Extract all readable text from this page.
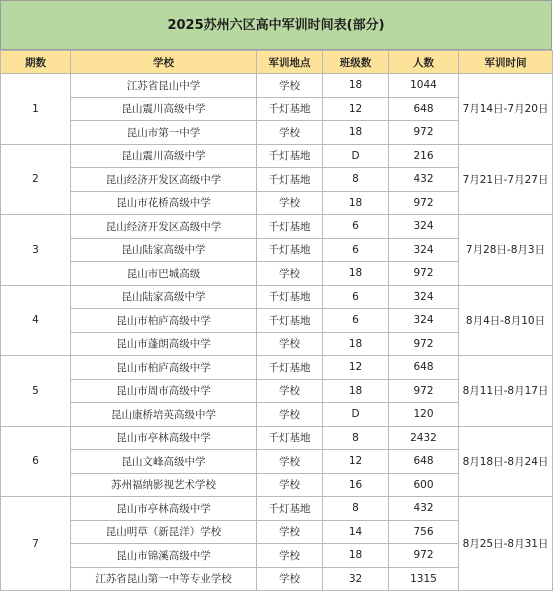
2025苏州六区高中军训时间表(部分)
期数	学校	军训地点	班级数	人数	军训时间
1	江苏省昆山中学	学校	18	1044	7月14日-7月20日
	昆山震川高级中学	千灯基地	12	648	
	昆山市第一中学	学校	18	972	
2	昆山震川高级中学	千灯基地	D	216	7月21日-7月27日
	昆山经济开发区高级中学	千灯基地	8	432	
	昆山市花桥高级中学	学校	18	972	
3	昆山经济开发区高级中学	千灯基地	6	324	7月28日-8月3日
	昆山陆家高级中学	千灯基地	6	324	
	昆山市巴城高级	学校	18	972	
4	昆山陆家高级中学	千灯基地	6	324	8月4日-8月10日
	昆山市柏庐高级中学	千灯基地	6	324	
	昆山市蓬朗高级中学	学校	18	972	
5	昆山市柏庐高级中学	千灯基地	12	648	8月11日-8月17日
	昆山市周市高级中学	学校	18	972	
	昆山康桥培英高级中学	学校	D	120	
6	昆山市亭林高级中学	千灯基地	8	2432	8月18日-8月24日
	昆山文峰高级中学	学校	12	648	
	苏州福纳影视艺术学校	学校	16	600	
7	昆山市亭林高级中学	千灯基地	8	432	8月25日-8月31日
	昆山明草（新昆洋）学校	学校	14	756	
	昆山市锦溪高级中学	学校	18	972	
	江苏省昆山第一中等专业学校	学校	32	1315	
